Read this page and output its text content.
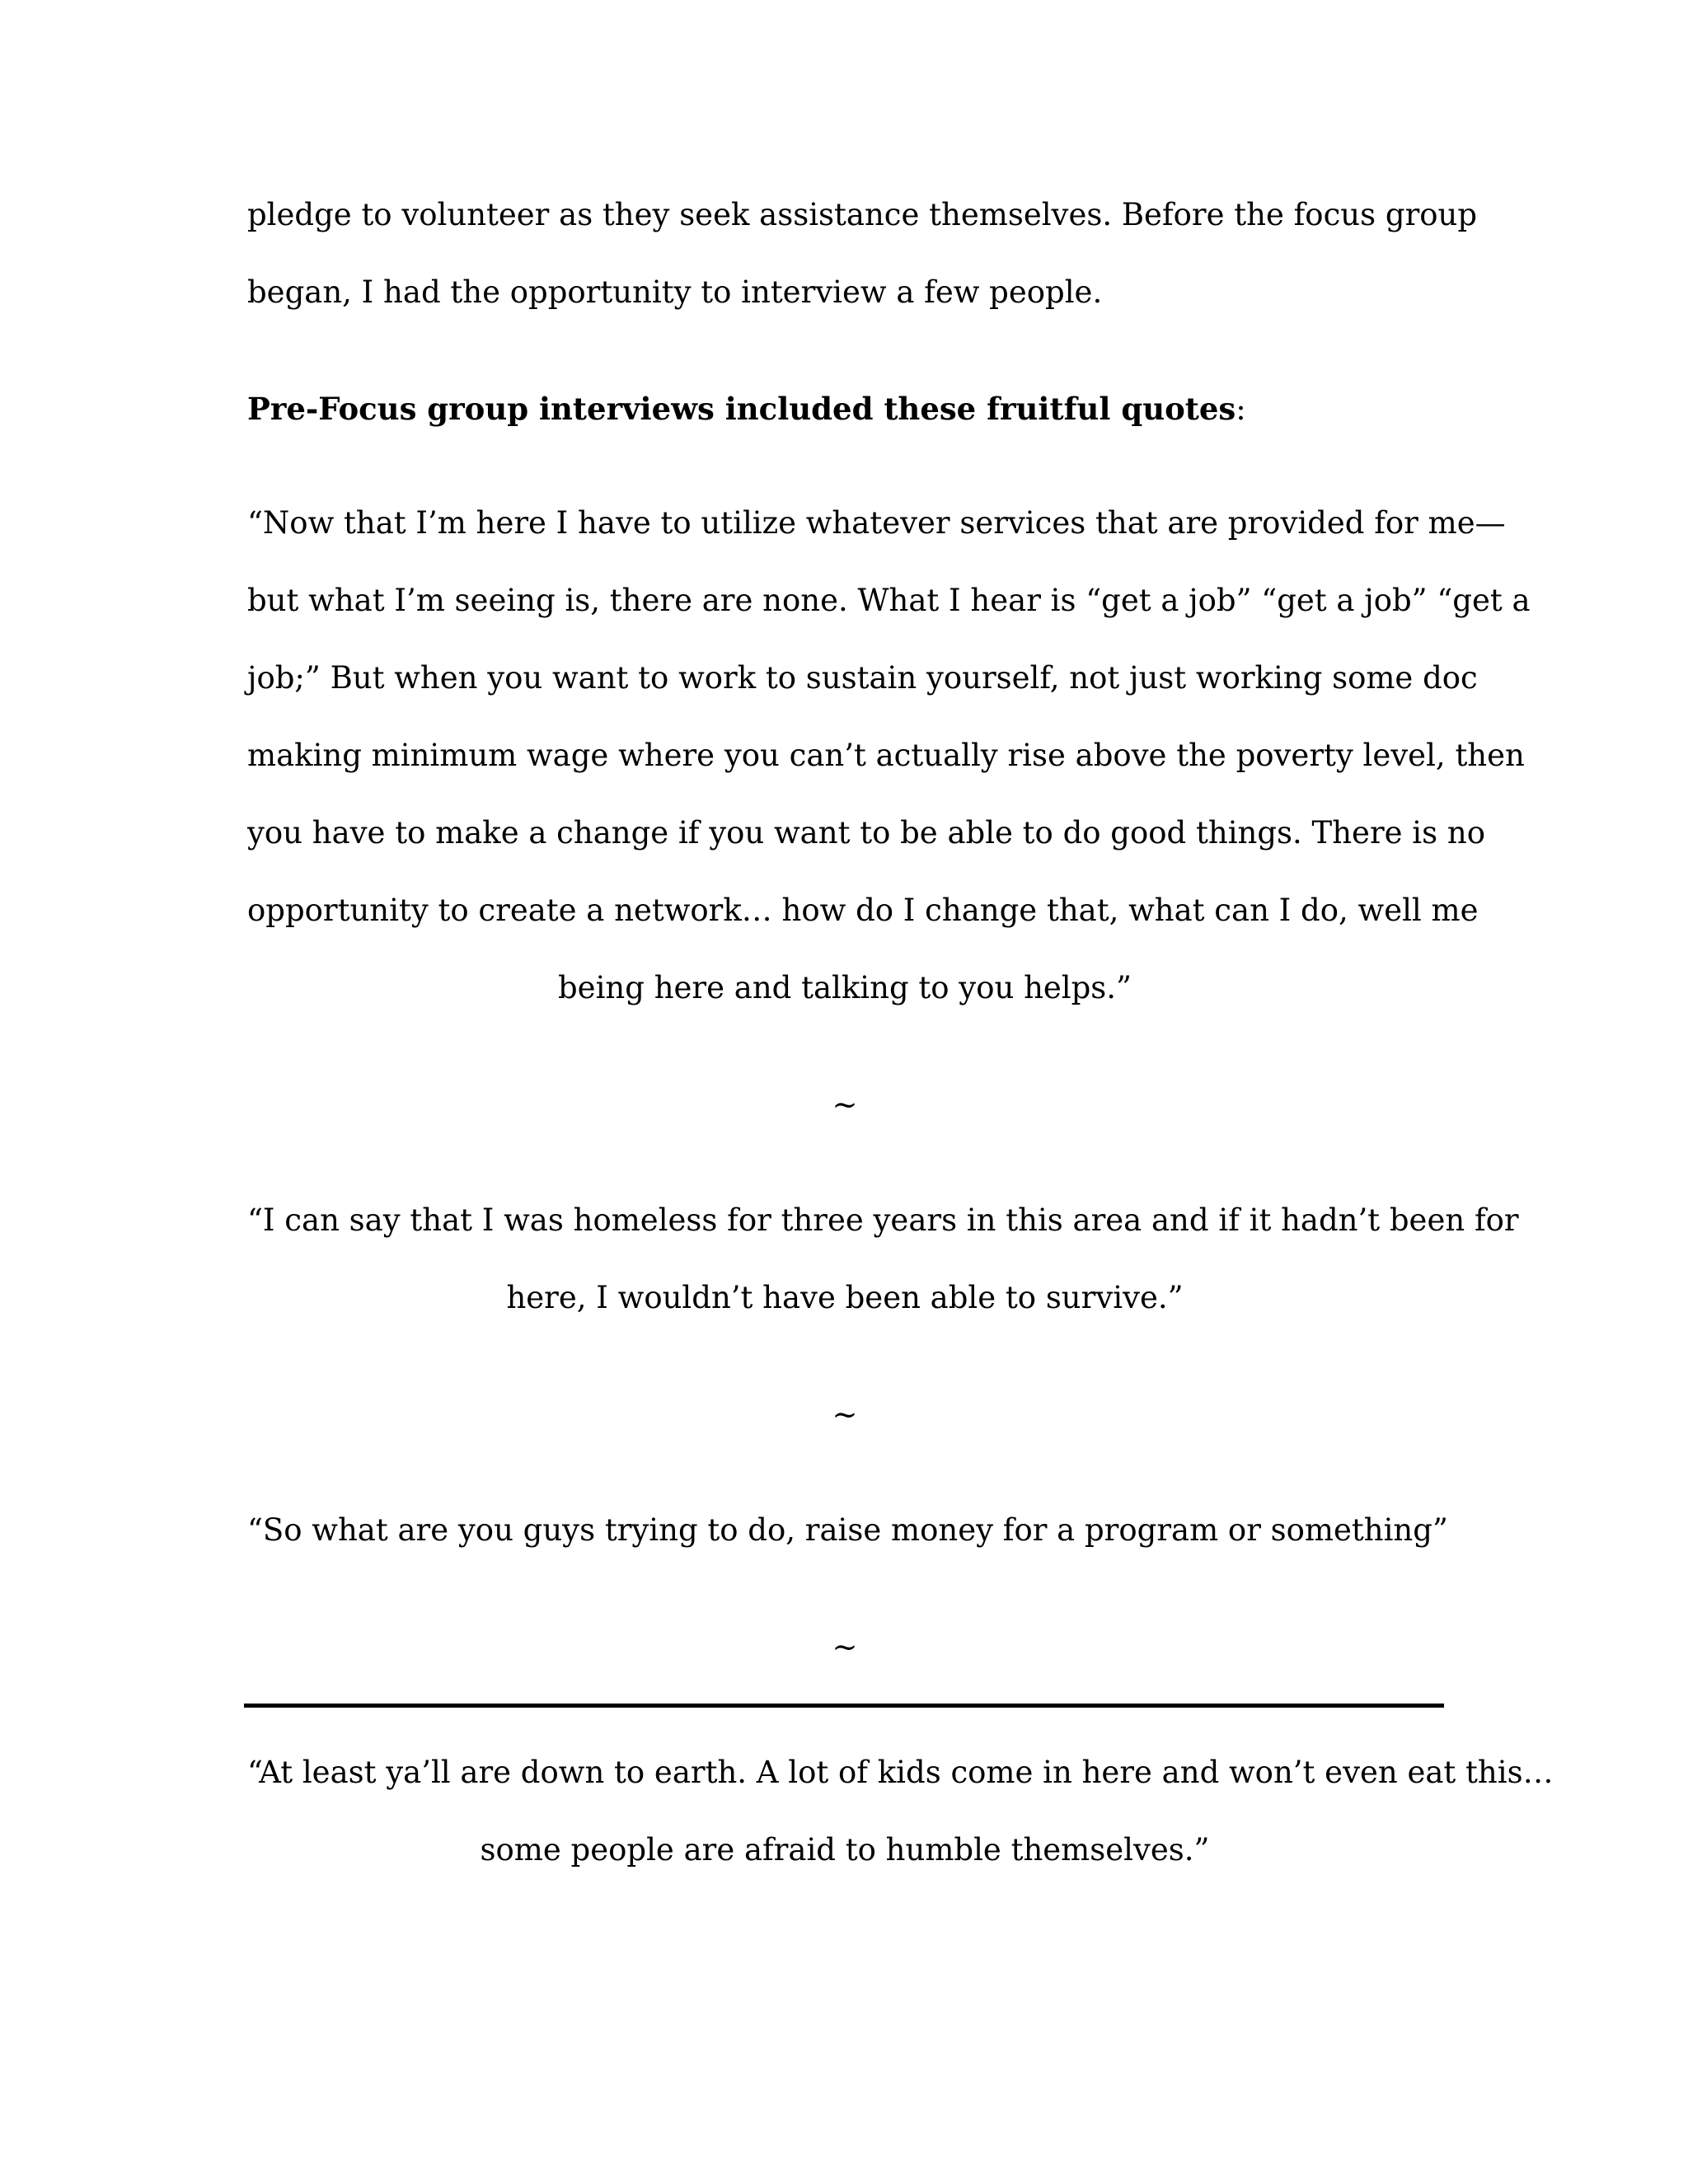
pledge to volunteer as they seek assistance themselves. Before the focus group
began, I had the opportunity to interview a few people.
Pre-Focus group interviews included these fruitful quotes:
“Now that I’m here I have to utilize whatever services that are provided for me—
but what I’m seeing is, there are none. What I hear is “get a job” “get a job” “get a
job;” But when you want to work to sustain yourself, not just working some doc
making minimum wage where you can’t actually rise above the poverty level, then
you have to make a change if you want to be able to do good things. There is no
opportunity to create a network… how do I change that, what can I do, well me
being here and talking to you helps.”
~
“I can say that I was homeless for three years in this area and if it hadn’t been for
here, I wouldn’t have been able to survive.”
~
“So what are you guys trying to do, raise money for a program or something”
~
“At least ya’ll are down to earth. A lot of kids come in here and won’t even eat this…
some people are afraid to humble themselves.”
